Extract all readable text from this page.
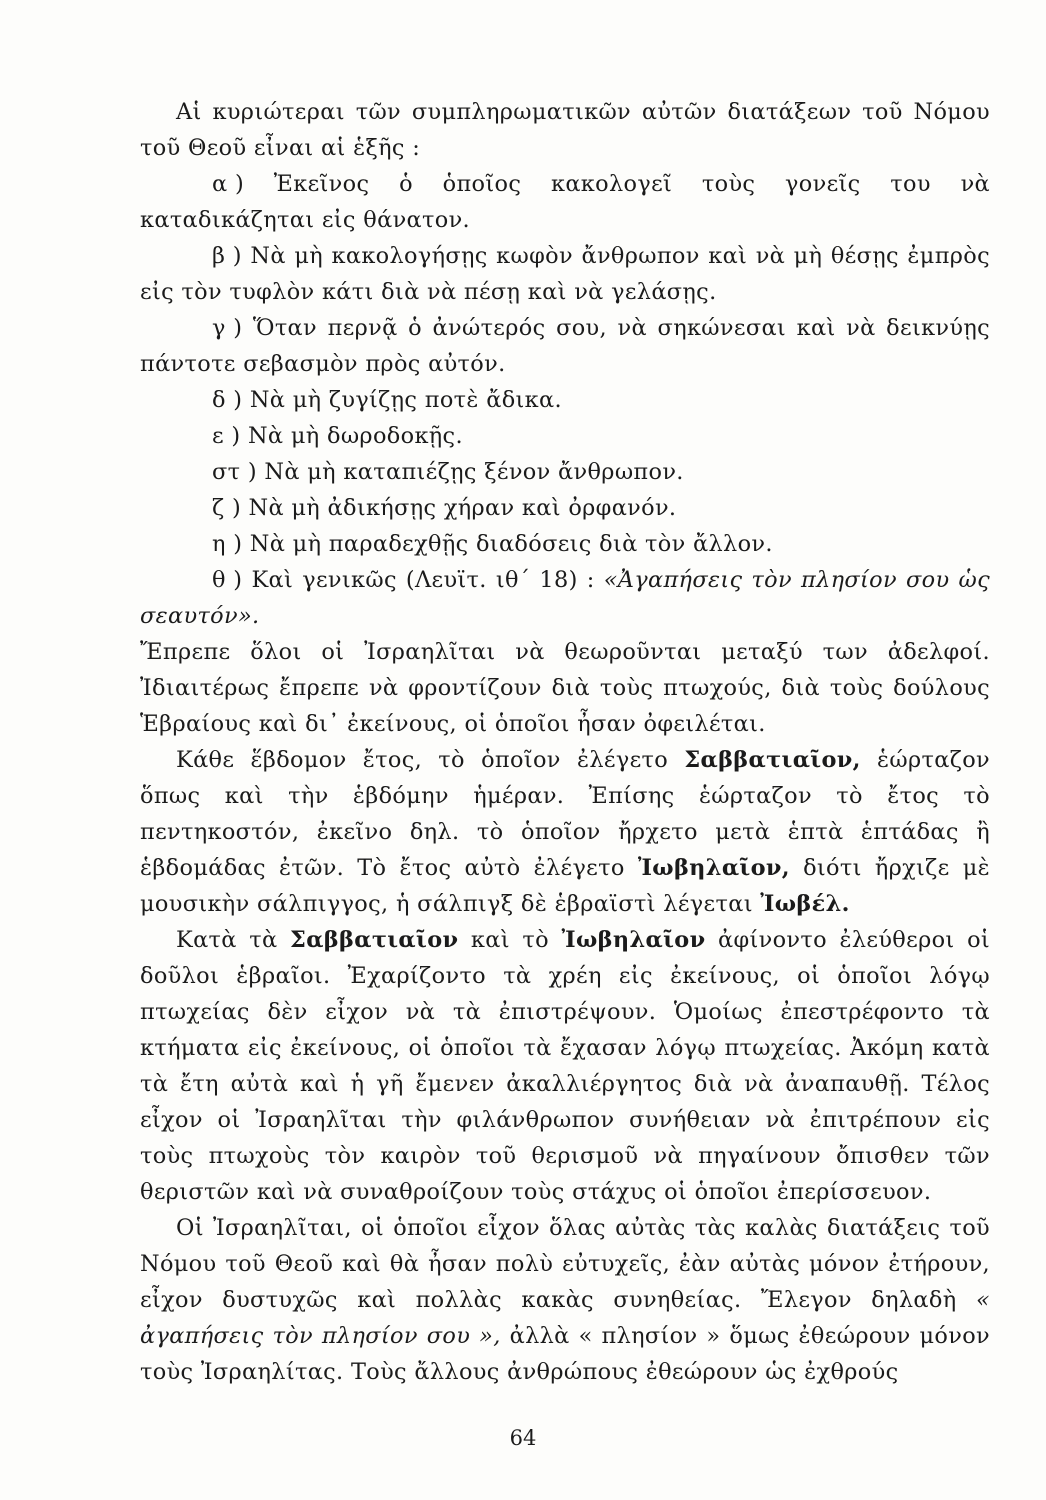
Αἱ κυριώτεραι τῶν συμπληρωματικῶν αὐτῶν διατάξεων τοῦ Νόμου τοῦ Θεοῦ εἶναι αἱ ἑξῆς :

α ) Ἐκεῖνος ὁ ὁποῖος κακολογεῖ τοὺς γονεῖς του νὰ καταδικάζηται εἰς θάνατον.

β ) Νὰ μὴ κακολογήσῃς κωφὸν ἄνθρωπον καὶ νὰ μὴ θέσῃς ἐμπρὸς εἰς τὸν τυφλὸν κάτι διὰ νὰ πέσῃ καὶ νὰ γελάσῃς.

γ ) Ὅταν περνᾷ ὁ ἀνώτερός σου, νὰ σηκώνεσαι καὶ νὰ δεικνύῃς πάντοτε σεβασμὸν πρὸς αὐτόν.

δ ) Νὰ μὴ ζυγίζῃς ποτὲ ἄδικα.

ε ) Νὰ μὴ δωροδοκῇς.

στ ) Νὰ μὴ καταπιέζῃς ξένον ἄνθρωπον.

ζ ) Νὰ μὴ ἀδικήσῃς χήραν καὶ ὀρφανόν.

η ) Νὰ μὴ παραδεχθῇς διαδόσεις διὰ τὸν ἄλλον.

θ ) Καὶ γενικῶς (Λευϊτ. ιθ΄ 18) : «Ἀγαπήσεις τὸν πλησίον σου ὡς σεαυτόν».

Ἔπρεπε ὅλοι οἱ Ἰσραηλῖται νὰ θεωροῦνται μεταξύ των ἀδελφοί. Ἰδιαιτέρως ἔπρεπε νὰ φροντίζουν διὰ τοὺς πτωχούς, διὰ τοὺς δούλους Ἑβραίους καὶ δι᾽ ἐκείνους, οἱ ὁποῖοι ἦσαν ὀφειλέται.

Κάθε ἕβδομον ἔτος, τὸ ὁποῖον ἐλέγετο Σαββατιαῖον, ἑώρταζον ὅπως καὶ τὴν ἑβδόμην ἡμέραν. Ἐπίσης ἑώρταζον τὸ ἔτος τὸ πεντηκοστόν, ἐκεῖνο δηλ. τὸ ὁποῖον ἤρχετο μετὰ ἑπτὰ ἑπτάδας ἢ ἑβδομάδας ἐτῶν. Τὸ ἔτος αὐτὸ ἐλέγετο Ἰωβηλαῖον, διότι ἤρχιζε μὲ μουσικὴν σάλπιγγος, ἡ σάλπιγξ δὲ ἑβραϊστὶ λέγεται Ἰωβέλ.

Κατὰ τὰ Σαββατιαῖον καὶ τὸ Ἰωβηλαῖον ἀφίνοντο ἐλεύθεροι οἱ δοῦλοι ἑβραῖοι. Ἐχαρίζοντο τὰ χρέη εἰς ἐκείνους, οἱ ὁποῖοι λόγῳ πτωχείας δὲν εἶχον νὰ τὰ ἐπιστρέψουν. Ὁμοίως ἐπεστρέφοντο τὰ κτήματα εἰς ἐκείνους, οἱ ὁποῖοι τὰ ἔχασαν λόγῳ πτωχείας. Ἀκόμη κατὰ τὰ ἔτη αὐτὰ καὶ ἡ γῆ ἔμενεν ἀκαλλιέργητος διὰ νὰ ἀναπαυθῇ. Τέλος εἶχον οἱ Ἰσραηλῖται τὴν φιλάνθρωπον συνήθειαν νὰ ἐπιτρέπουν εἰς τοὺς πτωχοὺς τὸν καιρὸν τοῦ θερισμοῦ νὰ πηγαίνουν ὄπισθεν τῶν θεριστῶν καὶ νὰ συναθροίζουν τοὺς στάχυς οἱ ὁποῖοι ἐπερίσσευον.

Οἱ Ἰσραηλῖται, οἱ ὁποῖοι εἶχον ὅλας αὐτὰς τὰς καλὰς διατάξεις τοῦ Νόμου τοῦ Θεοῦ καὶ θὰ ἦσαν πολὺ εὐτυχεῖς, ἐὰν αὐτὰς μόνον ἐτήρουν, εἶχον δυστυχῶς καὶ πολλὰς κακὰς συνηθείας. Ἔλεγον δηλαδὴ « ἀγαπήσεις τὸν πλησίον σου », ἀλλὰ « πλησίον » ὅμως ἐθεώρουν μόνον τοὺς Ἰσραηλίτας. Τοὺς ἄλλους ἀνθρώπους ἐθεώρουν ὡς ἐχθρούς

64
